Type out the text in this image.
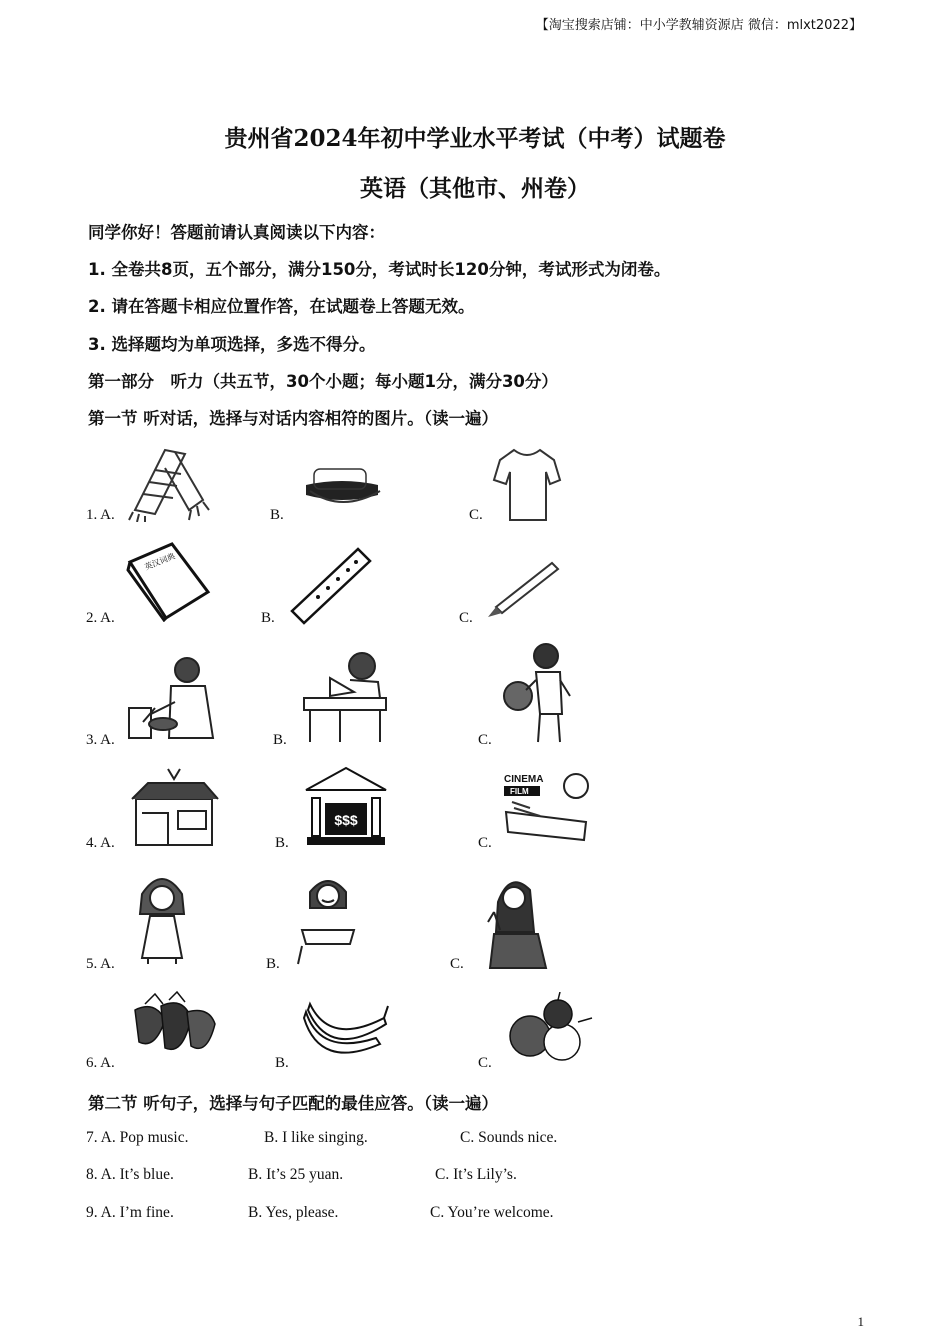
【淘宝搜索店铺：中小学教辅资源店 微信：mlxt2022】
贵州省2024年初中学业水平考试（中考）试题卷
英语（其他市、州卷）
同学你好！答题前请认真阅读以下内容：
1. 全卷共8页，五个部分，满分150分，考试时长120分钟，考试形式为闭卷。
2. 请在答题卡相应位置作答，在试题卷上答题无效。
3. 选择题均为单项选择，多选不得分。
第一部分　听力（共五节，30个小题；每小题1分，满分30分）
第一节 听对话，选择与对话内容相符的图片。（读一遍）
1. A.	B.	C.
2. A.
英汉词典
B.	C.
3. A.	B.	C.
4. A.	B.
BANK
$$$
C.
CINEMA
FILM
5. A.	B.	C.
6. A.	B.	C.
第二节 听句子，选择与句子匹配的最佳应答。（读一遍）
7. A. Pop music.	B. I like singing.	C. Sounds nice.
8. A. It’s blue.	B. It’s 25 yuan.	C. It’s Lily’s.
9. A. I’m fine.	B. Yes, please.	C. You’re welcome.
1
